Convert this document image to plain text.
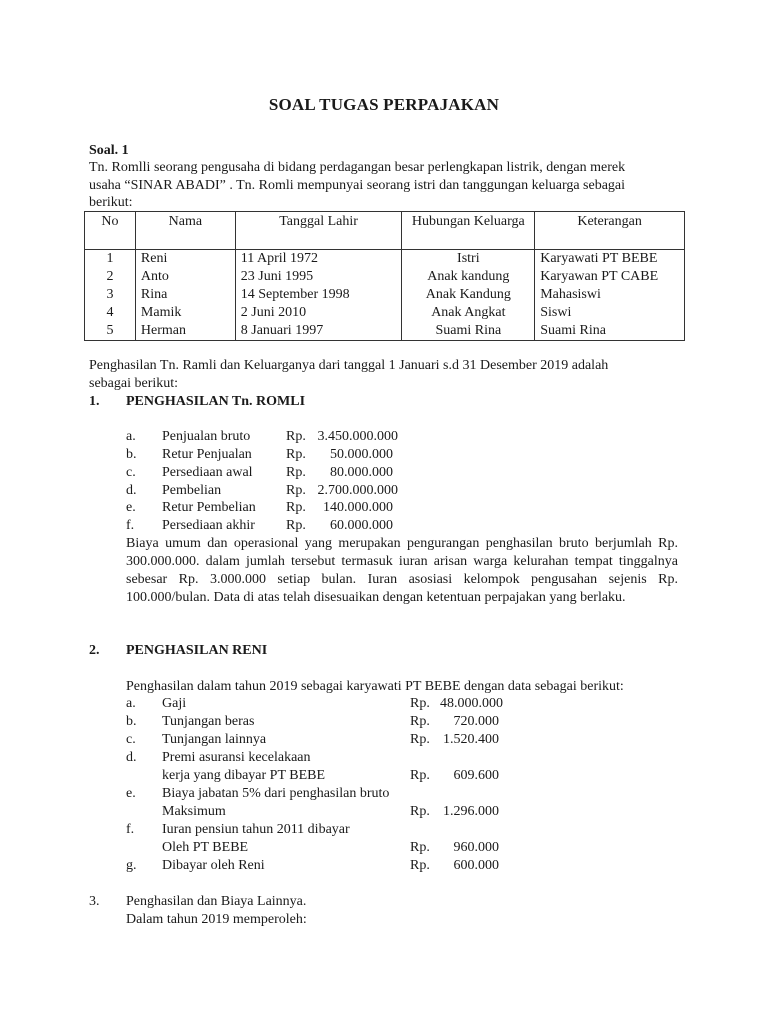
SOAL TUGAS PERPAJAKAN
Soal. 1
Tn. Romlli seorang pengusaha di bidang perdagangan besar perlengkapan listrik, dengan merek
usaha “SINAR ABADI” . Tn. Romli mempunyai seorang istri dan tanggungan keluarga sebagai
berikut:
No	Nama	Tanggal Lahir	Hubungan Keluarga	Keterangan
1	Reni	11 April 1972	Istri	Karyawati PT BEBE
2	Anto	23 Juni 1995	Anak kandung	Karyawan PT CABE
3	Rina	14 September 1998	Anak Kandung	Mahasiswi
4	Mamik	2 Juni 2010	Anak Angkat	Siswi
5	Herman	8 Januari 1997	Suami Rina	Suami Rina
Penghasilan Tn. Ramli dan Keluarganya dari tanggal 1 Januari s.d 31 Desember 2019 adalah
sebagai berikut:
1. PENGHASILAN Tn. ROMLI
a. Penjualan bruto	Rp. 3.450.000.000
b. Retur Penjualan Rp.	50.000.000
c. Persediaan awal Rp.	80.000.000
d. Pembelian	Rp. 2.700.000.000
e. Retur Pembelian Rp.	140.000.000
f. Persediaan akhir Rp.	60.000.000
Biaya umum dan operasional yang merupakan pengurangan penghasilan bruto berjumlah Rp. 300.000.000. dalam jumlah tersebut termasuk iuran arisan warga kelurahan tempat tinggalnya sebesar Rp. 3.000.000 setiap bulan. Iuran asosiasi kelompok pengusahan sejenis Rp. 100.000/bulan. Data di atas telah disesuaikan dengan ketentuan perpajakan yang berlaku.
2. PENGHASILAN RENI
Penghasilan dalam tahun 2019 sebagai karyawati PT BEBE dengan data sebagai berikut:
a. Gaji	Rp. 48.000.000
b. Tunjangan beras	Rp.	720.000
c. Tunjangan lainnya	Rp. 1.520.400
d. Premi asuransi kecelakaan
kerja yang dibayar PT BEBE	Rp.	609.600
e. Biaya jabatan 5% dari penghasilan bruto
Maksimum	Rp. 1.296.000
f. Iuran pensiun tahun 2011 dibayar
Oleh PT BEBE	Rp.	960.000
g. Dibayar oleh Reni	Rp.	600.000
3. Penghasilan dan Biaya Lainnya.
Dalam tahun 2019 memperoleh:
